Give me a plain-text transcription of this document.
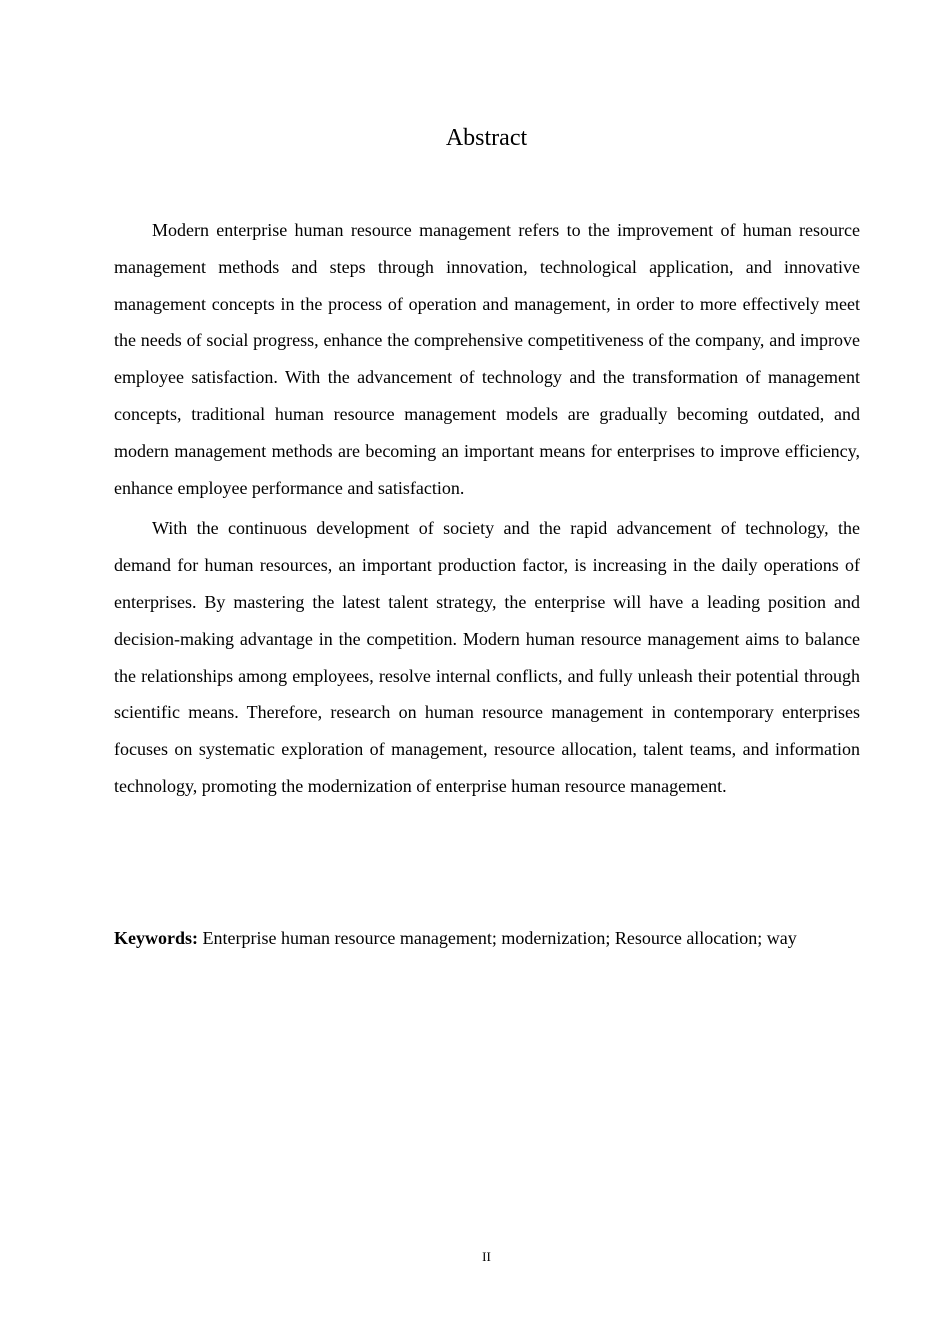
Abstract

Modern enterprise human resource management refers to the improvement of human resource management methods and steps through innovation, technological application, and innovative management concepts in the process of operation and management, in order to more effectively meet the needs of social progress, enhance the comprehensive competitiveness of the company, and improve employee satisfaction. With the advancement of technology and the transformation of management concepts, traditional human resource management models are gradually becoming outdated, and modern management methods are becoming an important means for enterprises to improve efficiency, enhance employee performance and satisfaction.

With the continuous development of society and the rapid advancement of technology, the demand for human resources, an important production factor, is increasing in the daily operations of enterprises. By mastering the latest talent strategy, the enterprise will have a leading position and decision-making advantage in the competition. Modern human resource management aims to balance the relationships among employees, resolve internal conflicts, and fully unleash their potential through scientific means. Therefore, research on human resource management in contemporary enterprises focuses on systematic exploration of management, resource allocation, talent teams, and information technology, promoting the modernization of enterprise human resource management.

Keywords: Enterprise human resource management; modernization; Resource allocation; way

II
